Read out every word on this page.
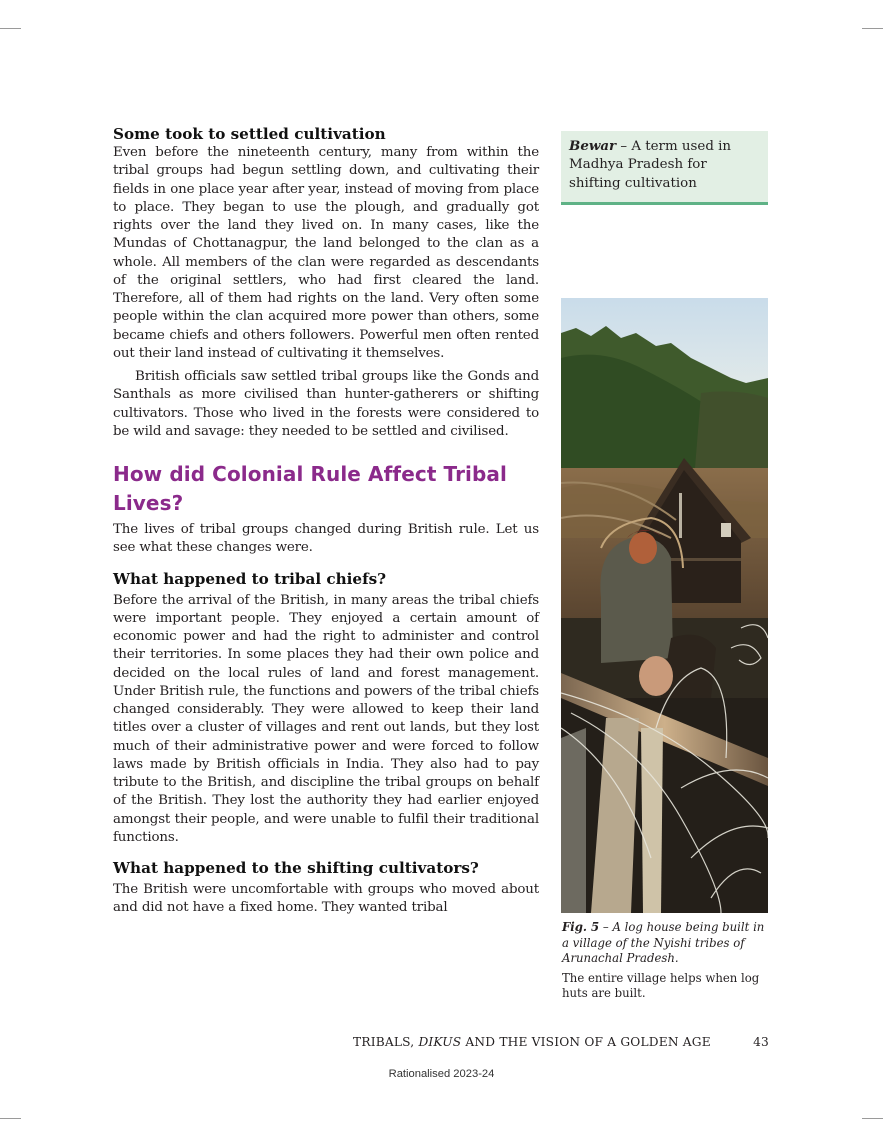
Some took to settled cultivation

Even before the nineteenth century, many from within the tribal groups had begun settling down, and cultivating their fields in one place year after year, instead of moving from place to place. They began to use the plough, and gradually got rights over the land they lived on. In many cases, like the Mundas of Chottanagpur, the land belonged to the clan as a whole. All members of the clan were regarded as descendants of the original settlers, who had first cleared the land. Therefore, all of them had rights on the land. Very often some people within the clan acquired more power than others, some became chiefs and others followers. Powerful men often rented out their land instead of cultivating it themselves.

British officials saw settled tribal groups like the Gonds and Santhals as more civilised than hunter-gatherers or shifting cultivators. Those who lived in the forests were considered to be wild and savage: they needed to be settled and civilised.

How did Colonial Rule Affect Tribal Lives?

The lives of tribal groups changed during British rule. Let us see what these changes were.

What happened to tribal chiefs?

Before the arrival of the British, in many areas the tribal chiefs were important people. They enjoyed a certain amount of economic power and had the right to administer and control their territories. In some places they had their own police and decided on the local rules of land and forest management. Under British rule, the functions and powers of the tribal chiefs changed considerably. They were allowed to keep their land titles over a cluster of villages and rent out lands, but they lost much of their administrative power and were forced to follow laws made by British officials in India. They also had to pay tribute to the British, and discipline the tribal groups on behalf of the British. They lost the authority they had earlier enjoyed amongst their people, and were unable to fulfil their traditional functions.

What happened to the shifting cultivators?

The British were uncomfortable with groups who moved about and did not have a fixed home. They wanted tribal

Bewar – A term used in Madhya Pradesh for shifting cultivation

Fig. 5 – A log house being built in a village of the Nyishi tribes of Arunachal Pradesh.

The entire village helps when log huts are built.

TRIBALS, DIKUS AND THE VISION OF A GOLDEN AGE	43
Rationalised 2023-24
